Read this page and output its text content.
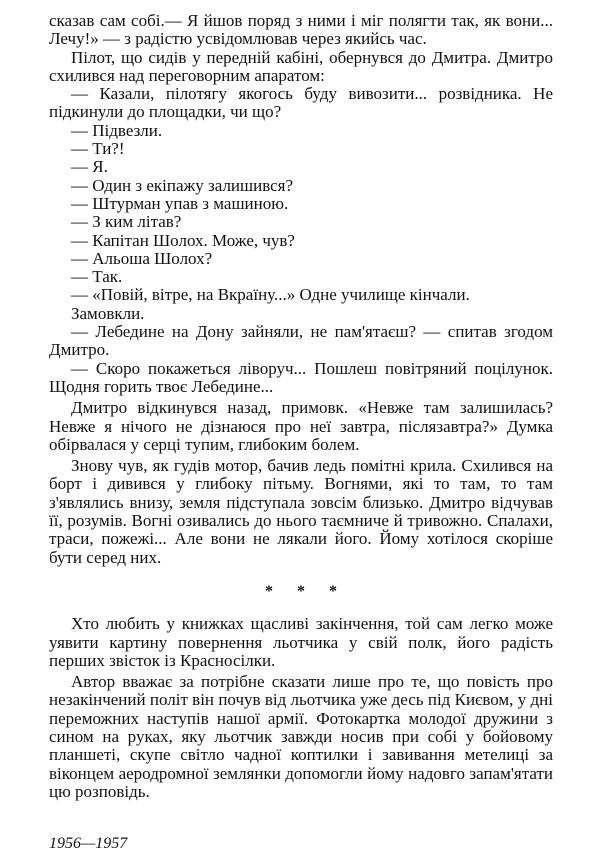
сказав сам собі.— Я йшов поряд з ними і міг полягти так, як вони... Лечу!» — з радістю усвідомлював через якийсь час.

Пілот, що сидів у передній кабіні, обернувся до Дмитра. Дмитро схилився над переговорним апаратом:

— Казали, пілотягу якогось буду вивозити... розвідника. Не підкинули до площадки, чи що?

— Підвезли.

— Ти?!

— Я.

— Один з екіпажу залишився?

— Штурман упав з машиною.

— З ким літав?

— Капітан Шолох. Може, чув?

— Альоша Шолох?

— Так.

— «Повій, вітре, на Вкраїну...» Одне училище кінчали.

Замовкли.

— Лебедине на Дону зайняли, не пам'ятаєш? — спитав згодом Дмитро.

— Скоро покажеться ліворуч... Пошлеш повітряний поцілунок. Щодня горить твоє Лебедине...

Дмитро відкинувся назад, примовк. «Невже там залишилась? Невже я нічого не дізнаюся про неї завтра, післязавтра?» Думка обірвалася у серці тупим, глибоким болем.

Знову чув, як гудів мотор, бачив ледь помітні крила. Схилився на борт і дивився у глибоку пітьму. Вогнями, які то там, то там з'являлись внизу, земля підступала зовсім близько. Дмитро відчував її, розумів. Вогні озивались до нього таємниче й тривожно. Спалахи, траси, пожежі... Але вони не лякали його. Йому хотілося скоріше бути серед них.

* * *

Хто любить у книжках щасливі закінчення, той сам легко може уявити картину повернення льотчика у свій полк, його радість перших звісток із Красносілки.

Автор вважає за потрібне сказати лише про те, що повість про незакінчений політ він почув від льотчика уже десь під Києвом, у дні переможних наступів нашої армії. Фотокартка молодої дружини з сином на руках, яку льотчик завжди носив при собі у бойовому планшеті, скупе світло чадної коптилки і завивання метелиці за віконцем аеродромної землянки допомогли йому надовго запам'ятати цю розповідь.

1956—1957
